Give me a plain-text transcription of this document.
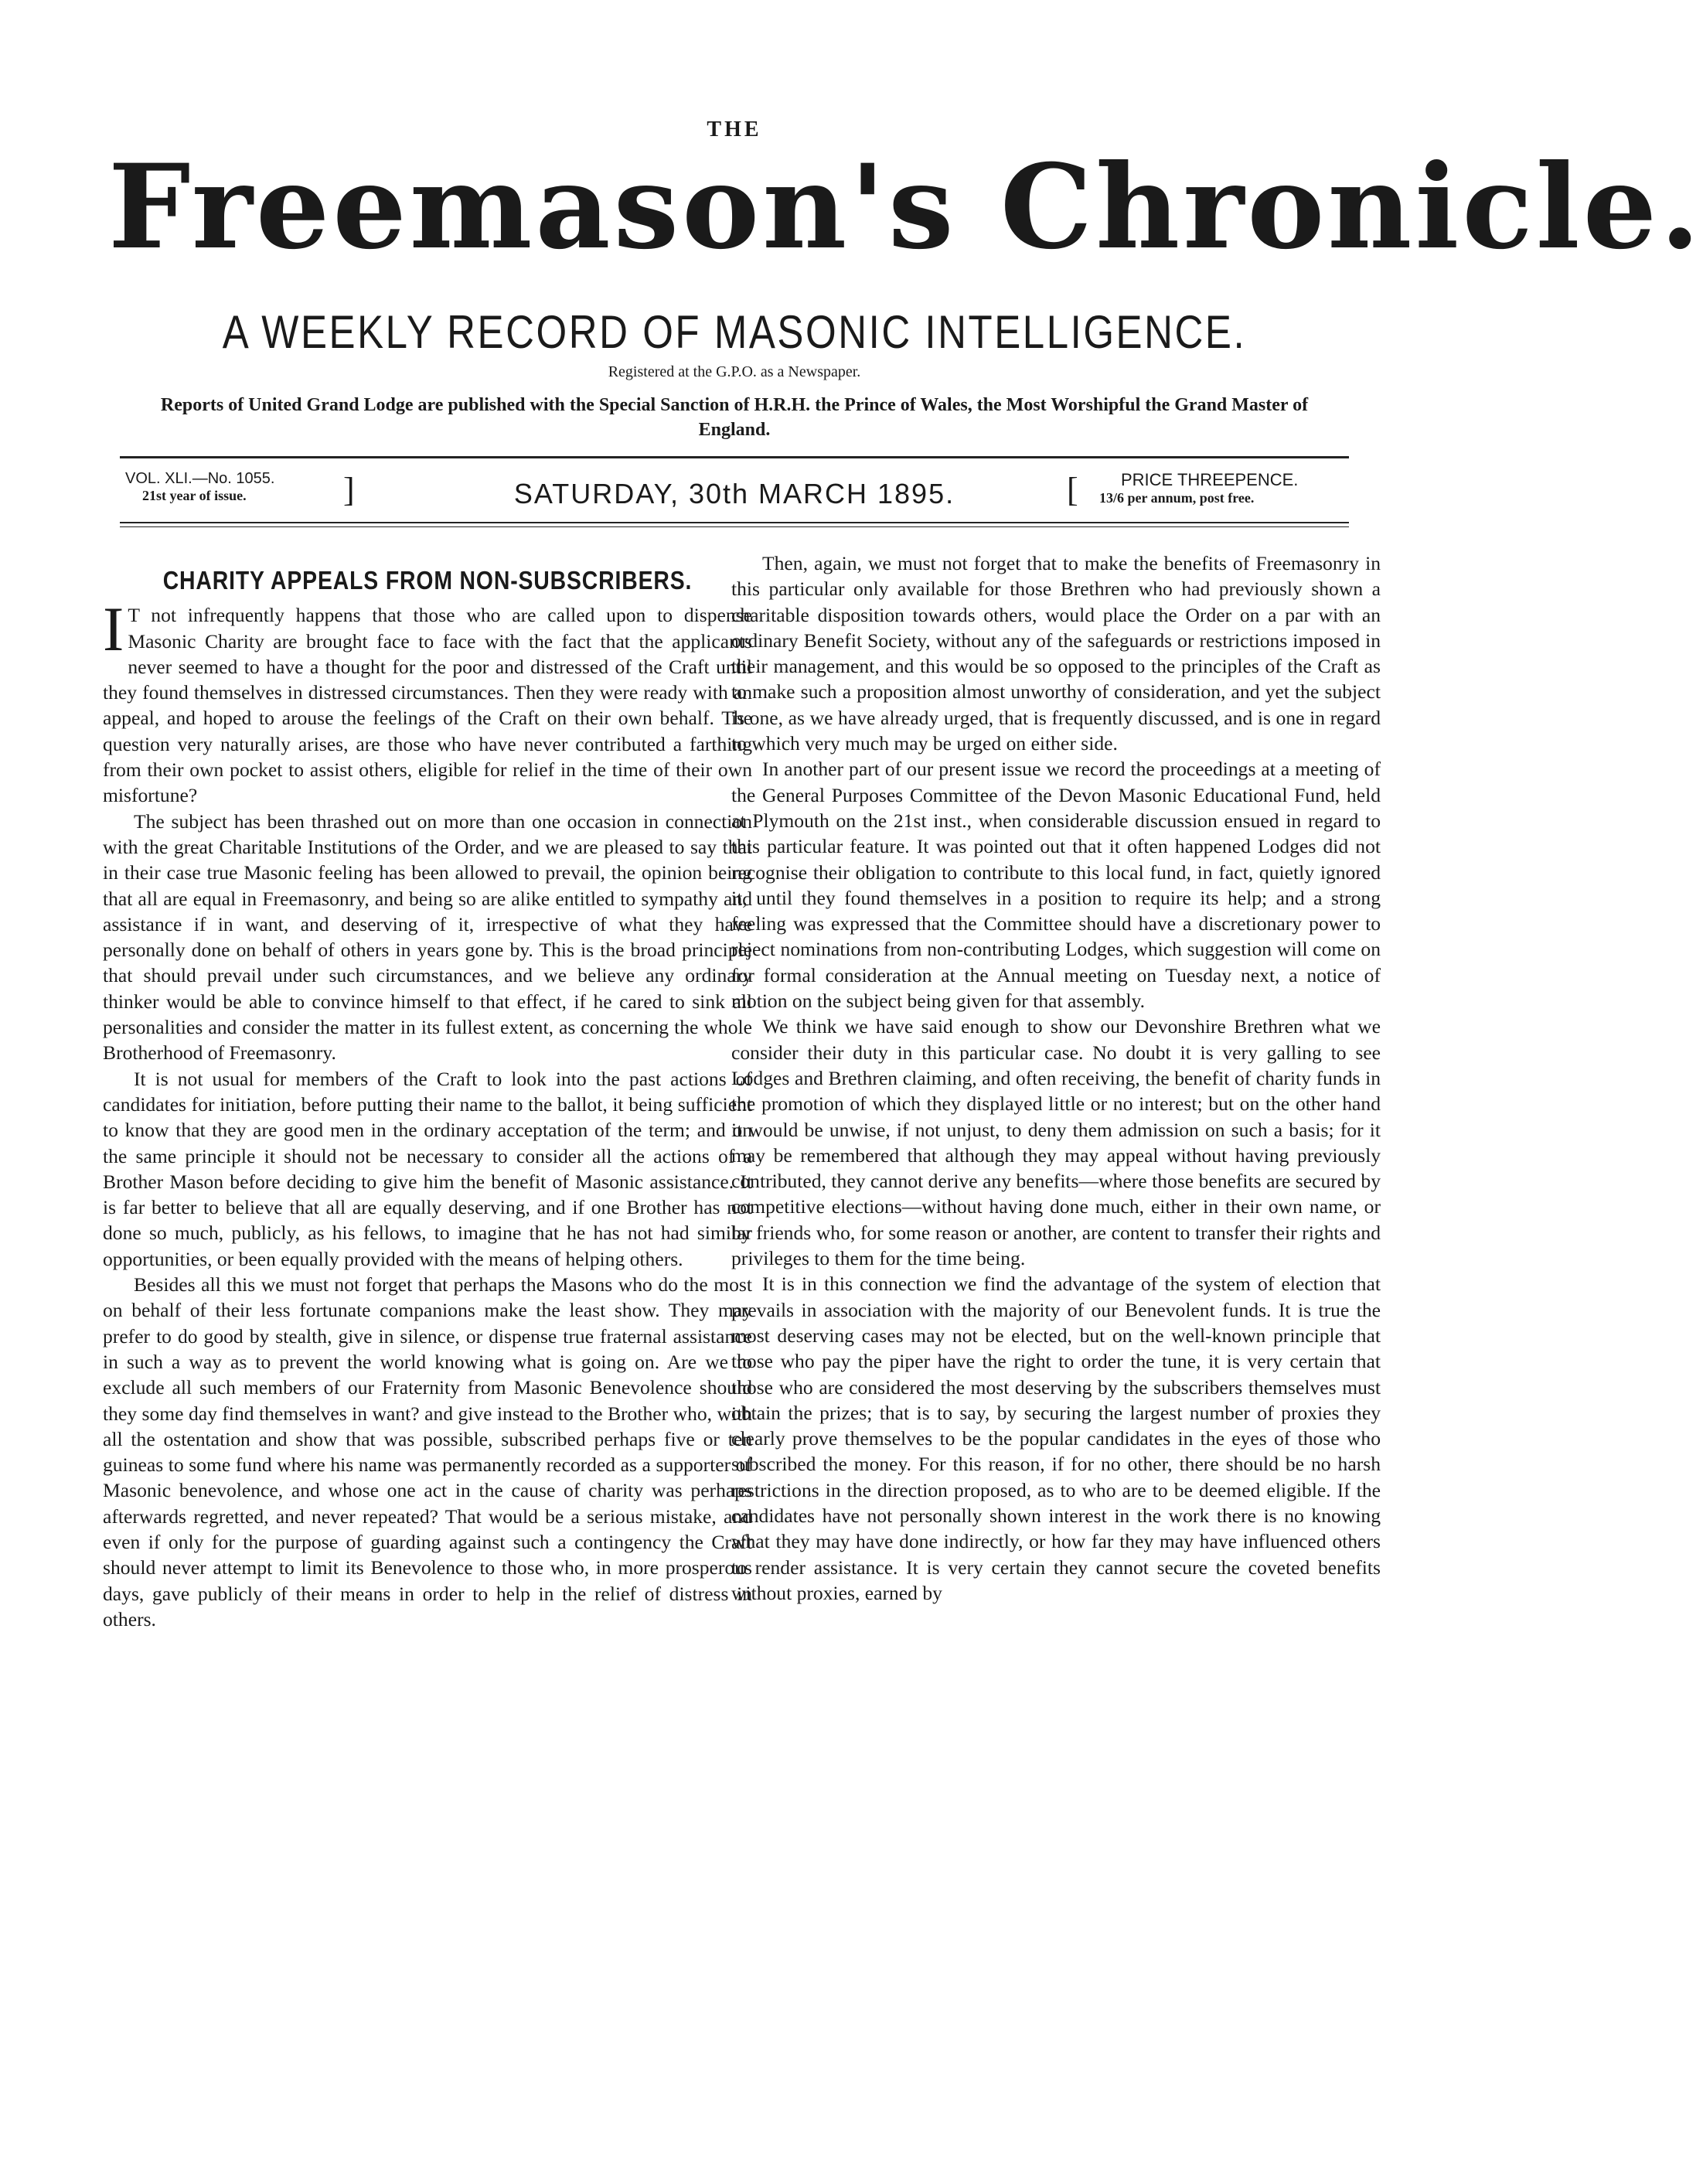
THE
Freemason's Chronicle.
A WEEKLY RECORD OF MASONIC INTELLIGENCE.
Registered at the G.P.O. as a Newspaper.
Reports of United Grand Lodge are published with the Special Sanction of H.R.H. the Prince of Wales, the Most Worshipful the Grand Master of England.
VOL. XLI.—No. 1055.
21st year of issue.	]	SATURDAY, 30th MARCH 1895.	[	PRICE THREEPENCE.
13/6 per annum, post free.
CHARITY APPEALS FROM NON-SUBSCRIBERS.

I T not infrequently happens that those who are called upon to dispense Masonic Charity are brought face to face with the fact that the applicants never seemed to have a thought for the poor and distressed of the Craft until they found themselves in distressed circumstances. Then they were ready with an appeal, and hoped to arouse the feelings of the Craft on their own behalf. The question very naturally arises, are those who have never contributed a farthing from their own pocket to assist others, eligible for relief in the time of their own misfortune?

The subject has been thrashed out on more than one occasion in connection with the great Charitable Institutions of the Order, and we are pleased to say that in their case true Masonic feeling has been allowed to prevail, the opinion being that all are equal in Freemasonry, and being so are alike entitled to sympathy and assistance if in want, and deserving of it, irrespective of what they have personally done on behalf of others in years gone by. This is the broad principle that should prevail under such circumstances, and we believe any ordinary thinker would be able to convince himself to that effect, if he cared to sink all personalities and consider the matter in its fullest extent, as concerning the whole Brotherhood of Freemasonry.

It is not usual for members of the Craft to look into the past actions of candidates for initiation, before putting their name to the ballot, it being sufficient to know that they are good men in the ordinary acceptation of the term; and on the same principle it should not be necessary to consider all the actions of a Brother Mason before deciding to give him the benefit of Masonic assistance. It is far better to believe that all are equally deserving, and if one Brother has not done so much, publicly, as his fellows, to imagine that he has not had similar opportunities, or been equally provided with the means of helping others.

Besides all this we must not forget that perhaps the Masons who do the most on behalf of their less fortunate companions make the least show. They may prefer to do good by stealth, give in silence, or dispense true fraternal assistance in such a way as to prevent the world knowing what is going on. Are we to exclude all such members of our Fraternity from Masonic Benevolence should they some day find themselves in want? and give instead to the Brother who, with all the ostentation and show that was possible, subscribed perhaps five or ten guineas to some fund where his name was permanently recorded as a supporter of Masonic benevolence, and whose one act in the cause of charity was perhaps afterwards regretted, and never repeated? That would be a serious mistake, and even if only for the purpose of guarding against such a contingency the Craft should never attempt to limit its Benevolence to those who, in more prosperous days, gave publicly of their means in order to help in the relief of distress in others.

Then, again, we must not forget that to make the benefits of Freemasonry in this particular only available for those Brethren who had previously shown a charitable disposition towards others, would place the Order on a par with an ordinary Benefit Society, without any of the safeguards or restrictions imposed in their management, and this would be so opposed to the principles of the Craft as to make such a proposition almost unworthy of consideration, and yet the subject is one, as we have already urged, that is frequently discussed, and is one in regard to which very much may be urged on either side.

In another part of our present issue we record the proceedings at a meeting of the General Purposes Committee of the Devon Masonic Educational Fund, held at Plymouth on the 21st inst., when considerable discussion ensued in regard to this particular feature. It was pointed out that it often happened Lodges did not recognise their obligation to contribute to this local fund, in fact, quietly ignored it, until they found themselves in a position to require its help; and a strong feeling was expressed that the Committee should have a discretionary power to reject nominations from non-contributing Lodges, which suggestion will come on for formal consideration at the Annual meeting on Tuesday next, a notice of motion on the subject being given for that assembly.

We think we have said enough to show our Devonshire Brethren what we consider their duty in this particular case. No doubt it is very galling to see Lodges and Brethren claiming, and often receiving, the benefit of charity funds in the promotion of which they displayed little or no interest; but on the other hand it would be unwise, if not unjust, to deny them admission on such a basis; for it may be remembered that although they may appeal without having previously contributed, they cannot derive any benefits—where those benefits are secured by competitive elections—without having done much, either in their own name, or by friends who, for some reason or another, are content to transfer their rights and privileges to them for the time being.

It is in this connection we find the advantage of the system of election that prevails in association with the majority of our Benevolent funds. It is true the most deserving cases may not be elected, but on the well-known principle that those who pay the piper have the right to order the tune, it is very certain that those who are considered the most deserving by the subscribers themselves must obtain the prizes; that is to say, by securing the largest number of proxies they clearly prove themselves to be the popular candidates in the eyes of those who subscribed the money. For this reason, if for no other, there should be no harsh restrictions in the direction proposed, as to who are to be deemed eligible. If the candidates have not personally shown interest in the work there is no knowing what they may have done indirectly, or how far they may have influenced others to render assistance. It is very certain they cannot secure the coveted benefits without proxies, earned by
